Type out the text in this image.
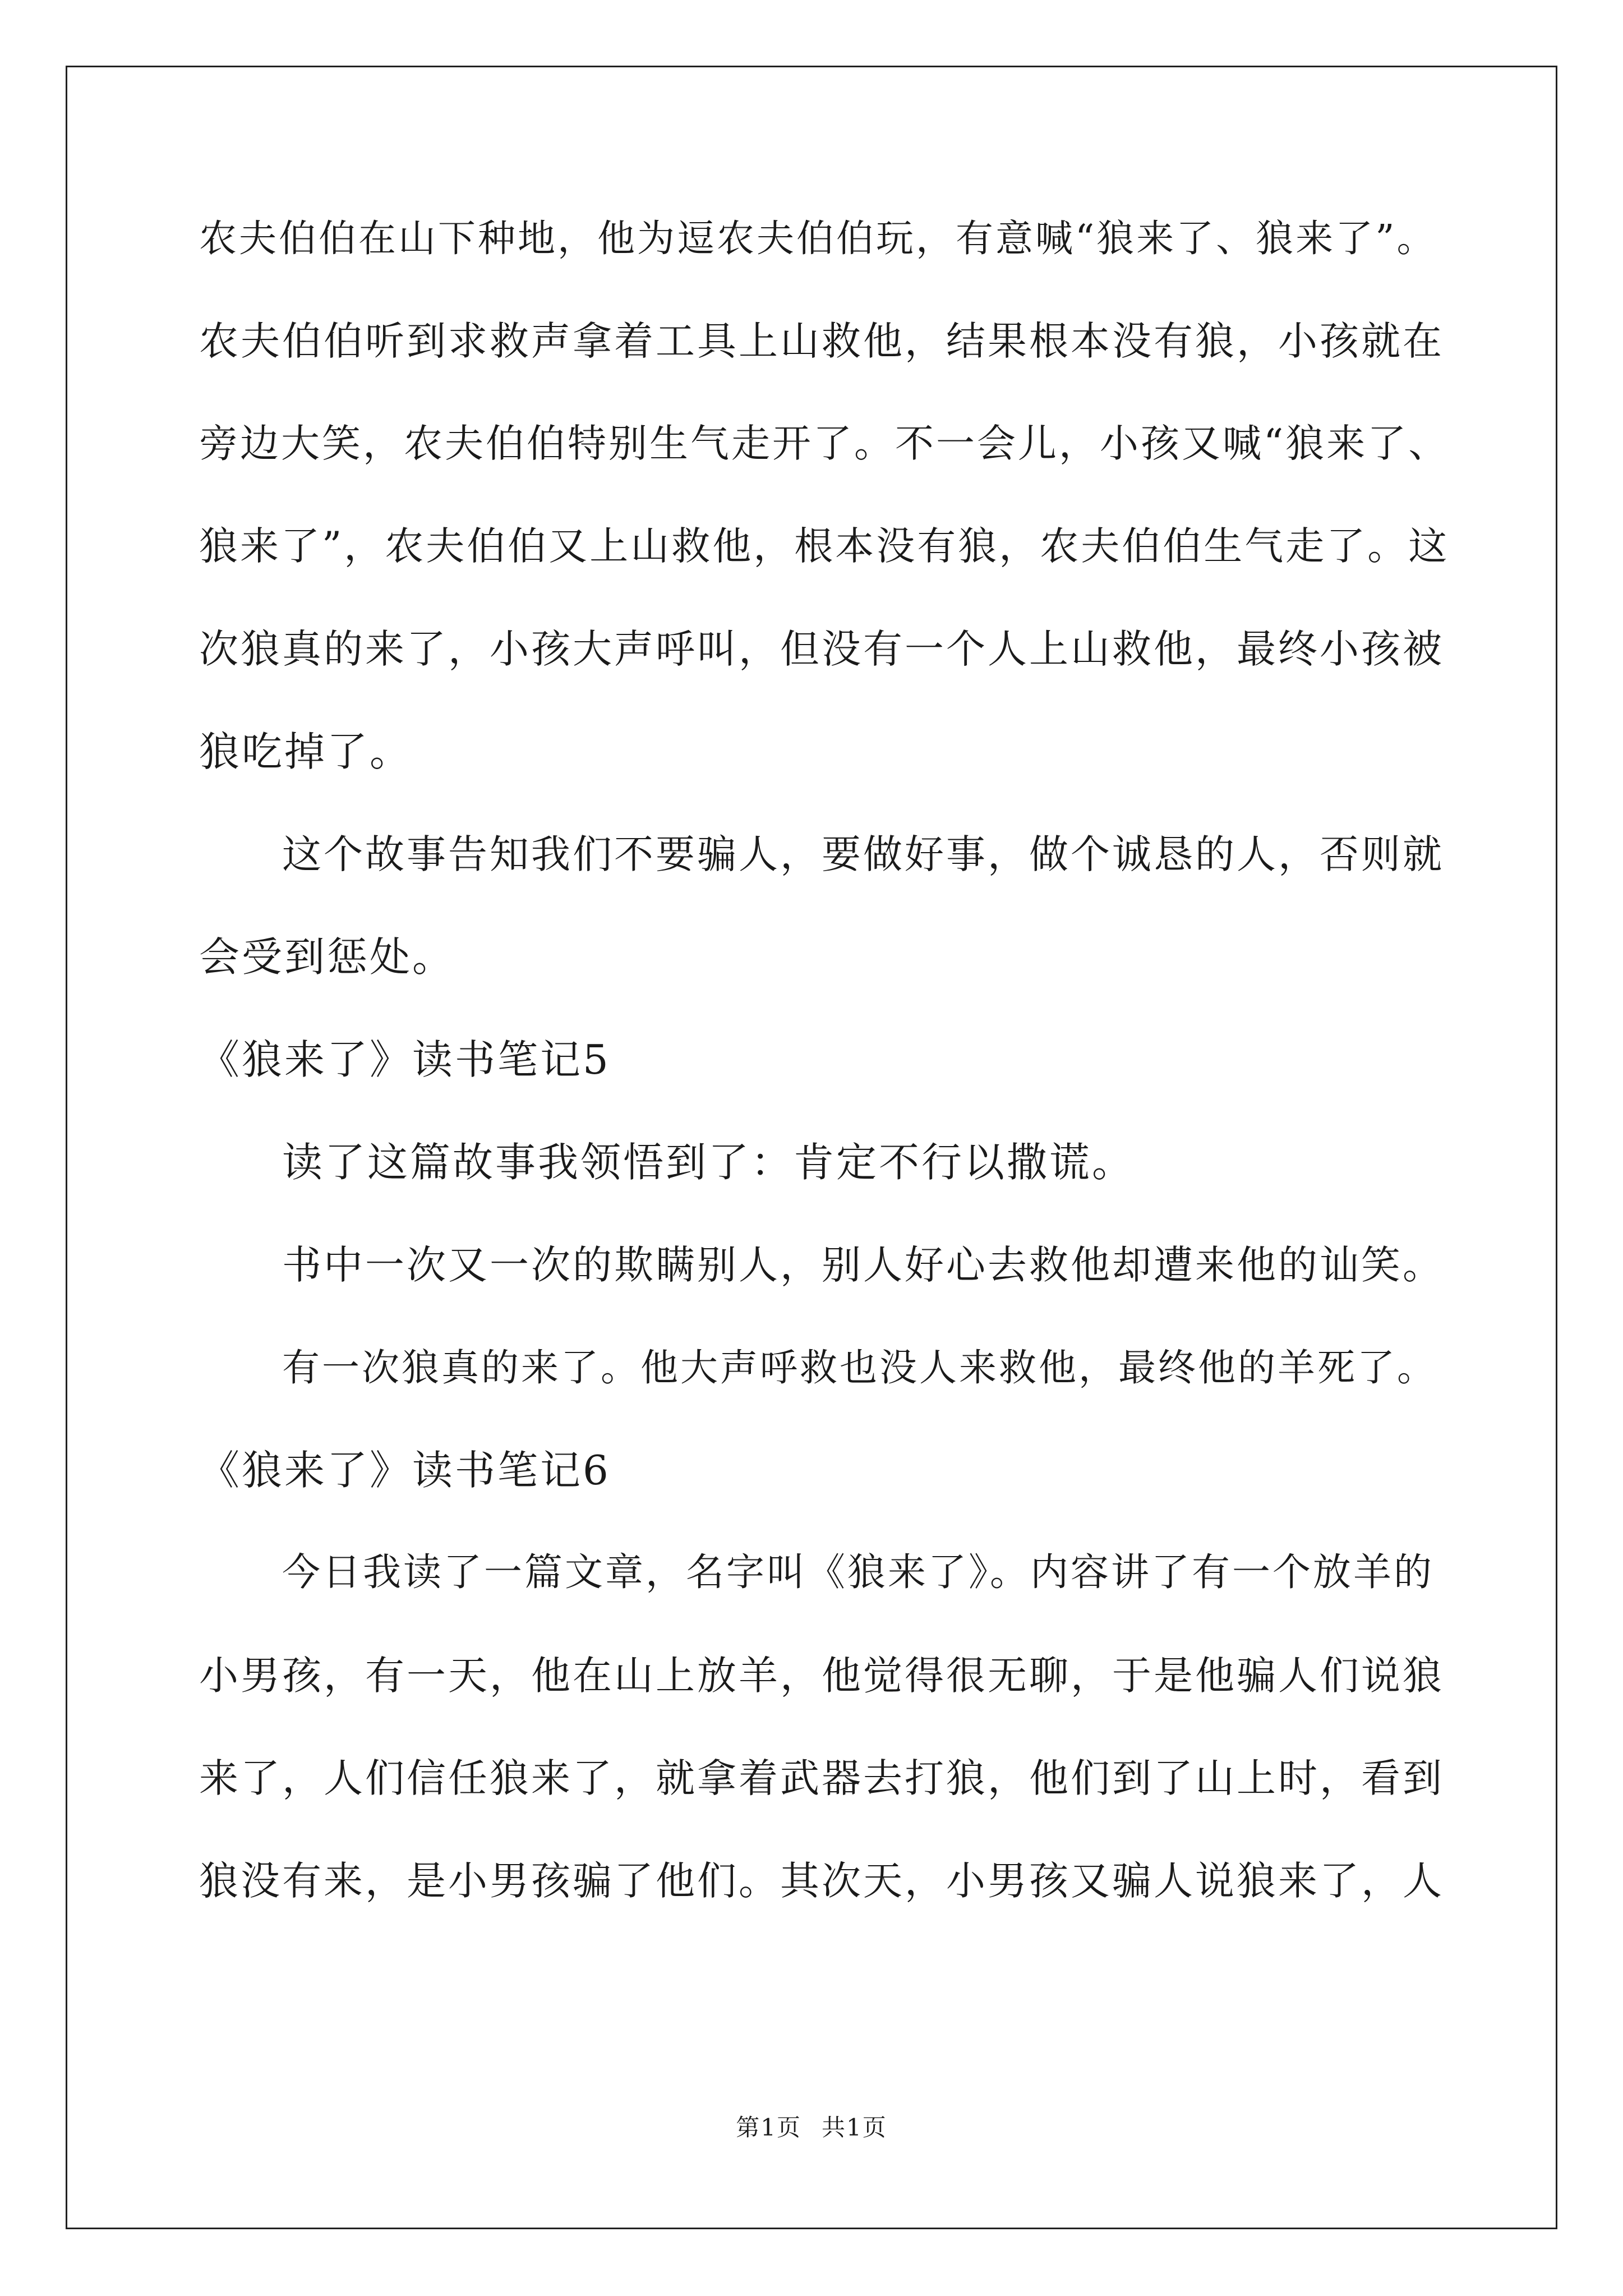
农夫伯伯在山下种地，他为逗农夫伯伯玩，有意喊“狼来了、狼来了”。
农夫伯伯听到求救声拿着工具上山救他，结果根本没有狼，小孩就在
旁边大笑，农夫伯伯特别生气走开了。不一会儿，小孩又喊“狼来了、
狼来了”，农夫伯伯又上山救他，根本没有狼，农夫伯伯生气走了。这
次狼真的来了，小孩大声呼叫，但没有一个人上山救他，最终小孩被
狼吃掉了。
这个故事告知我们不要骗人，要做好事，做个诚恳的人，否则就
会受到惩处。
《狼来了》读书笔记5
读了这篇故事我领悟到了：肯定不行以撒谎。
书中一次又一次的欺瞒别人，别人好心去救他却遭来他的讪笑。
有一次狼真的来了。他大声呼救也没人来救他，最终他的羊死了。
《狼来了》读书笔记6
今日我读了一篇文章，名字叫《狼来了》。内容讲了有一个放羊的
小男孩，有一天，他在山上放羊，他觉得很无聊，于是他骗人们说狼
来了，人们信任狼来了，就拿着武器去打狼，他们到了山上时，看到
狼没有来，是小男孩骗了他们。其次天，小男孩又骗人说狼来了，人
第1页 共1页
